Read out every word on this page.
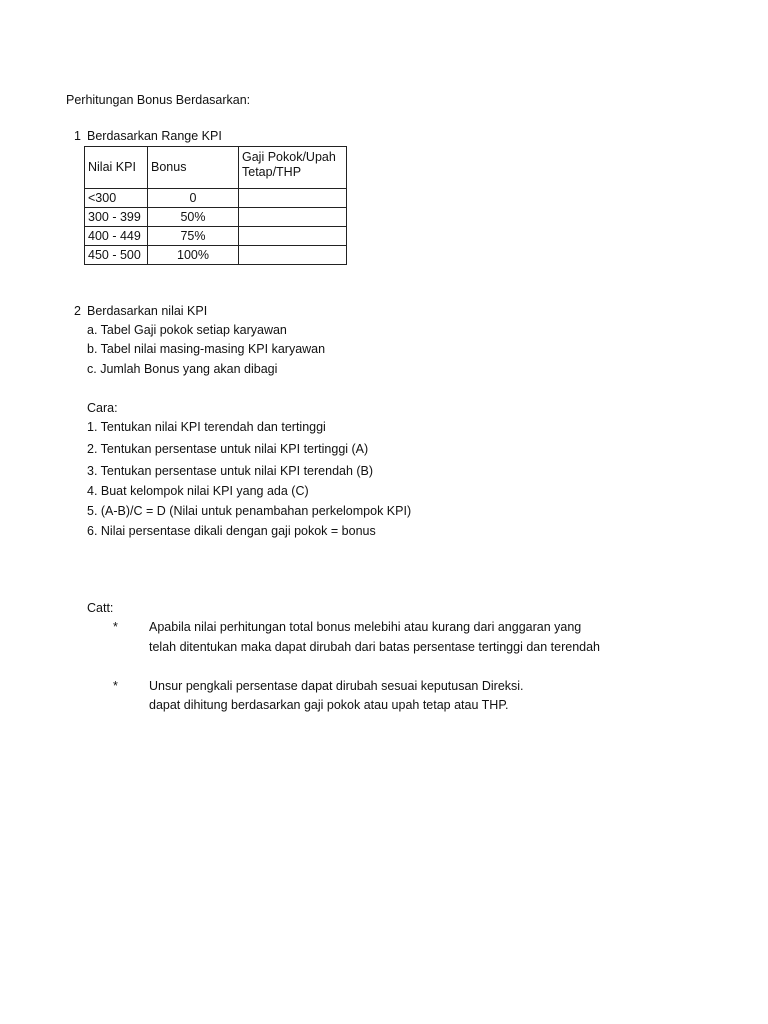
Perhitungan Bonus Berdasarkan:
1 Berdasarkan Range KPI
Nilai KPI	Bonus	Gaji Pokok/Upah Tetap/THP
<300	0	
300 - 399	50%	
400 - 449	75%	
450 - 500	100%	
2 Berdasarkan nilai KPI
a. Tabel Gaji pokok setiap karyawan
b. Tabel nilai masing-masing KPI karyawan
c. Jumlah Bonus yang akan dibagi
Cara:
1. Tentukan nilai KPI terendah dan tertinggi
2. Tentukan persentase untuk nilai KPI tertinggi (A)
3. Tentukan persentase untuk nilai KPI terendah (B)
4. Buat kelompok nilai KPI yang ada (C)
5. (A-B)/C = D (Nilai untuk penambahan perkelompok KPI)
6. Nilai persentase dikali dengan gaji pokok = bonus
Catt:
* Apabila nilai perhitungan total bonus melebihi atau kurang dari anggaran yang
telah ditentukan maka dapat dirubah dari batas persentase tertinggi dan terendah
* Unsur pengkali persentase dapat dirubah sesuai keputusan Direksi.
dapat dihitung berdasarkan gaji pokok atau upah tetap atau THP.
